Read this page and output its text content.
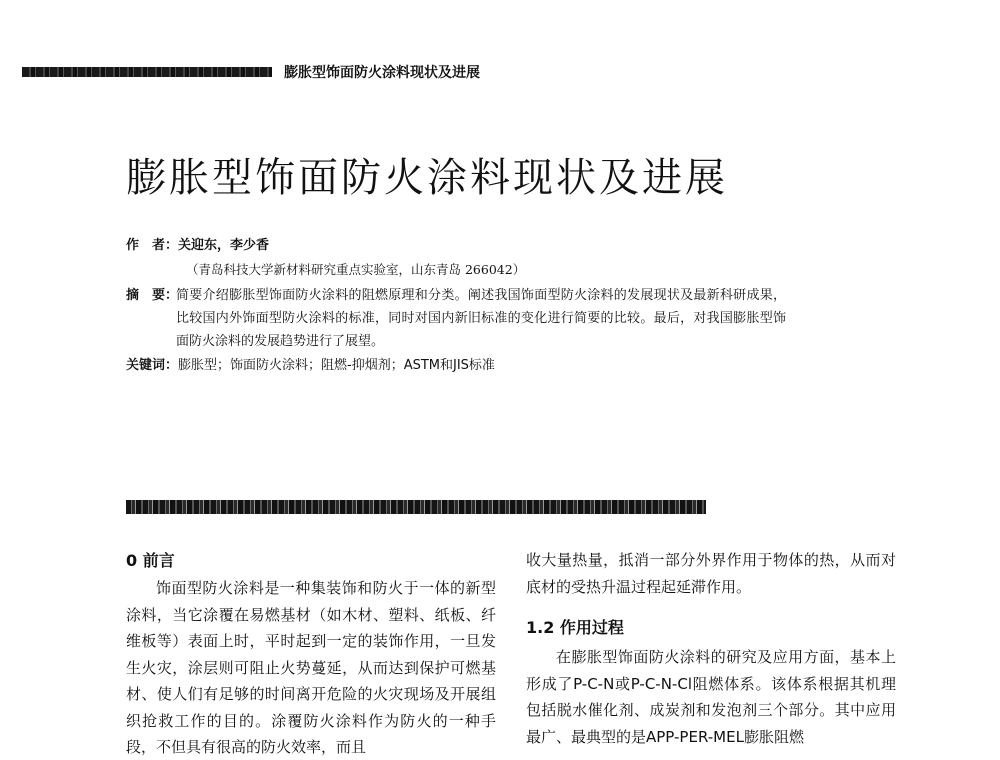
膨胀型饰面防火涂料现状及进展
膨胀型饰面防火涂料现状及进展
作　者：关迎东，李少香
（青岛科技大学新材料研究重点实验室，山东青岛 266042）
摘　要：
简要介绍膨胀型饰面防火涂料的阻燃原理和分类。阐述我国饰面型防火涂料的发展现状及最新科研成果，比较国内外饰面型防火涂料的标准，同时对国内新旧标准的变化进行简要的比较。最后，对我国膨胀型饰面防火涂料的发展趋势进行了展望。
关键词：膨胀型；饰面防火涂料；阻燃-抑烟剂；ASTM和JIS标准
0 前言

饰面型防火涂料是一种集装饰和防火于一体的新型涂料，当它涂覆在易燃基材（如木材、塑料、纸板、纤维板等）表面上时，平时起到一定的装饰作用，一旦发生火灾，涂层则可阻止火势蔓延，从而达到保护可燃基材、使人们有足够的时间离开危险的火灾现场及开展组织抢救工作的目的。涂覆防火涂料作为防火的一种手段，不但具有很高的防火效率，而且

收大量热量，抵消一部分外界作用于物体的热，从而对底材的受热升温过程起延滞作用。

1.2 作用过程

在膨胀型饰面防火涂料的研究及应用方面，基本上形成了P-C-N或P-C-N-Cl阻燃体系。该体系根据其机理包括脱水催化剂、成炭剂和发泡剂三个部分。其中应用最广、最典型的是APP-PER-MEL膨胀阻燃
